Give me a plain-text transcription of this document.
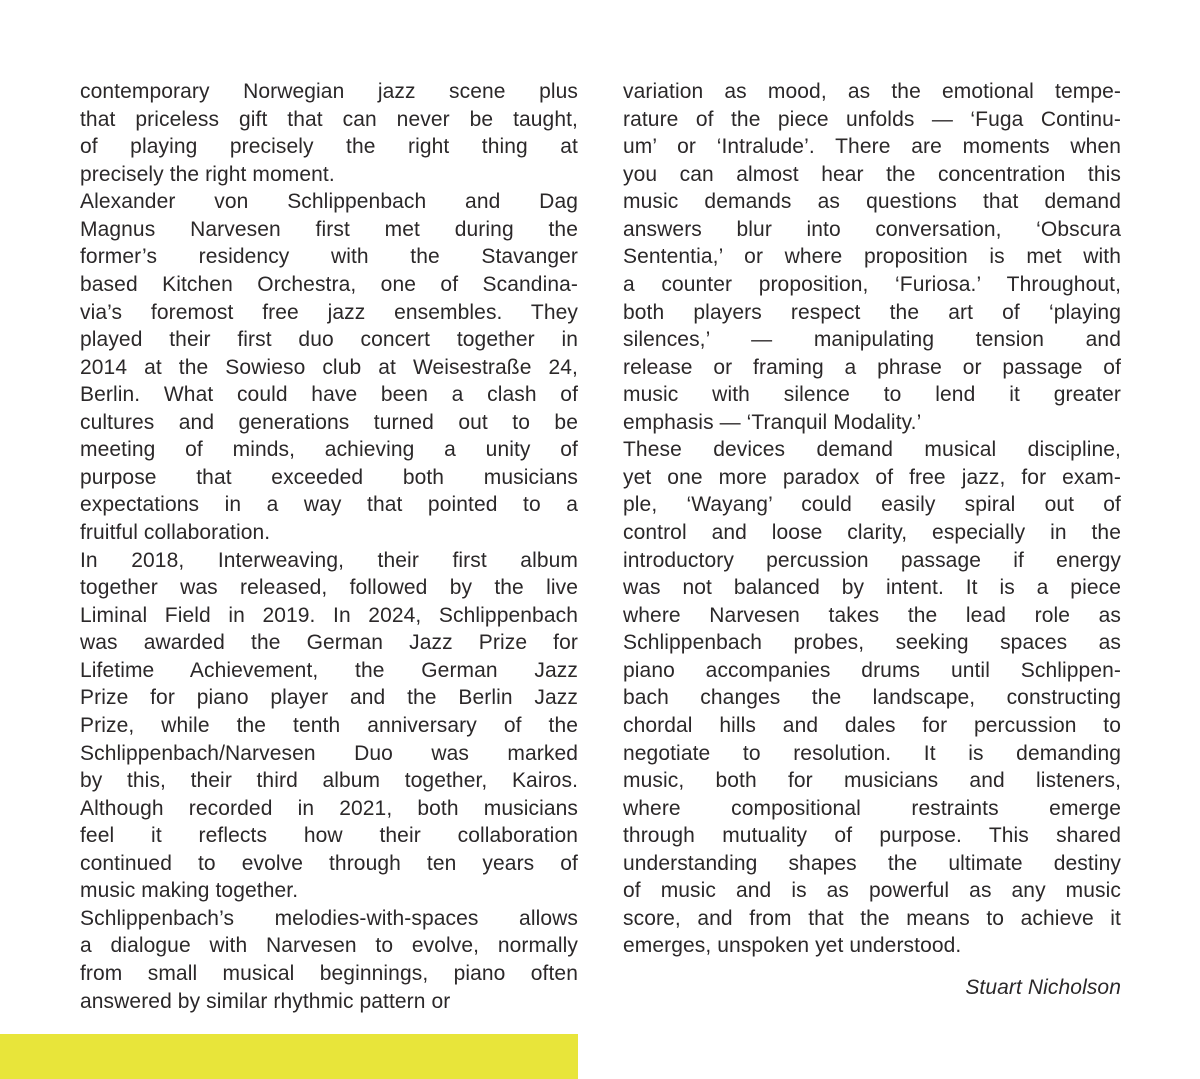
contemporary Norwegian jazz scene plus
that priceless gift that can never be taught,
of playing precisely the right thing at
precisely the right moment.
Alexander von Schlippenbach and Dag
Magnus Narvesen first met during the
former’s residency with the Stavanger
based Kitchen Orchestra, one of Scandina-
via’s foremost free jazz ensembles. They
played their first duo concert together in
2014 at the Sowieso club at Weisestraße 24,
Berlin. What could have been a clash of
cultures and generations turned out to be
meeting of minds, achieving a unity of
purpose that exceeded both musicians
expectations in a way that pointed to a
fruitful collaboration.
In 2018, Interweaving, their first album
together was released, followed by the live
Liminal Field in 2019. In 2024, Schlippenbach
was awarded the German Jazz Prize for
Lifetime Achievement, the German Jazz
Prize for piano player and the Berlin Jazz
Prize, while the tenth anniversary of the
Schlippenbach/Narvesen Duo was marked
by this, their third album together, Kairos.
Although recorded in 2021, both musicians
feel it reflects how their collaboration
continued to evolve through ten years of
music making together.
Schlippenbach’s melodies-with-spaces allows
a dialogue with Narvesen to evolve, normally
from small musical beginnings, piano often
answered by similar rhythmic pattern or
variation as mood, as the emotional tempe-
rature of the piece unfolds — ‘Fuga Continu-
um’ or ‘Intralude’. There are moments when
you can almost hear the concentration this
music demands as questions that demand
answers blur into conversation, ‘Obscura
Sententia,’ or where proposition is met with
a counter proposition, ‘Furiosa.’ Throughout,
both players respect the art of ‘playing
silences,’ — manipulating tension and
release or framing a phrase or passage of
music with silence to lend it greater
emphasis — ‘Tranquil Modality.’
These devices demand musical discipline,
yet one more paradox of free jazz, for exam-
ple, ‘Wayang’ could easily spiral out of
control and loose clarity, especially in the
introductory percussion passage if energy
was not balanced by intent. It is a piece
where Narvesen takes the lead role as
Schlippenbach probes, seeking spaces as
piano accompanies drums until Schlippen-
bach changes the landscape, constructing
chordal hills and dales for percussion to
negotiate to resolution. It is demanding
music, both for musicians and listeners,
where compositional restraints emerge
through mutuality of purpose. This shared
understanding shapes the ultimate destiny
of music and is as powerful as any music
score, and from that the means to achieve it
emerges, unspoken yet understood.
Stuart Nicholson
